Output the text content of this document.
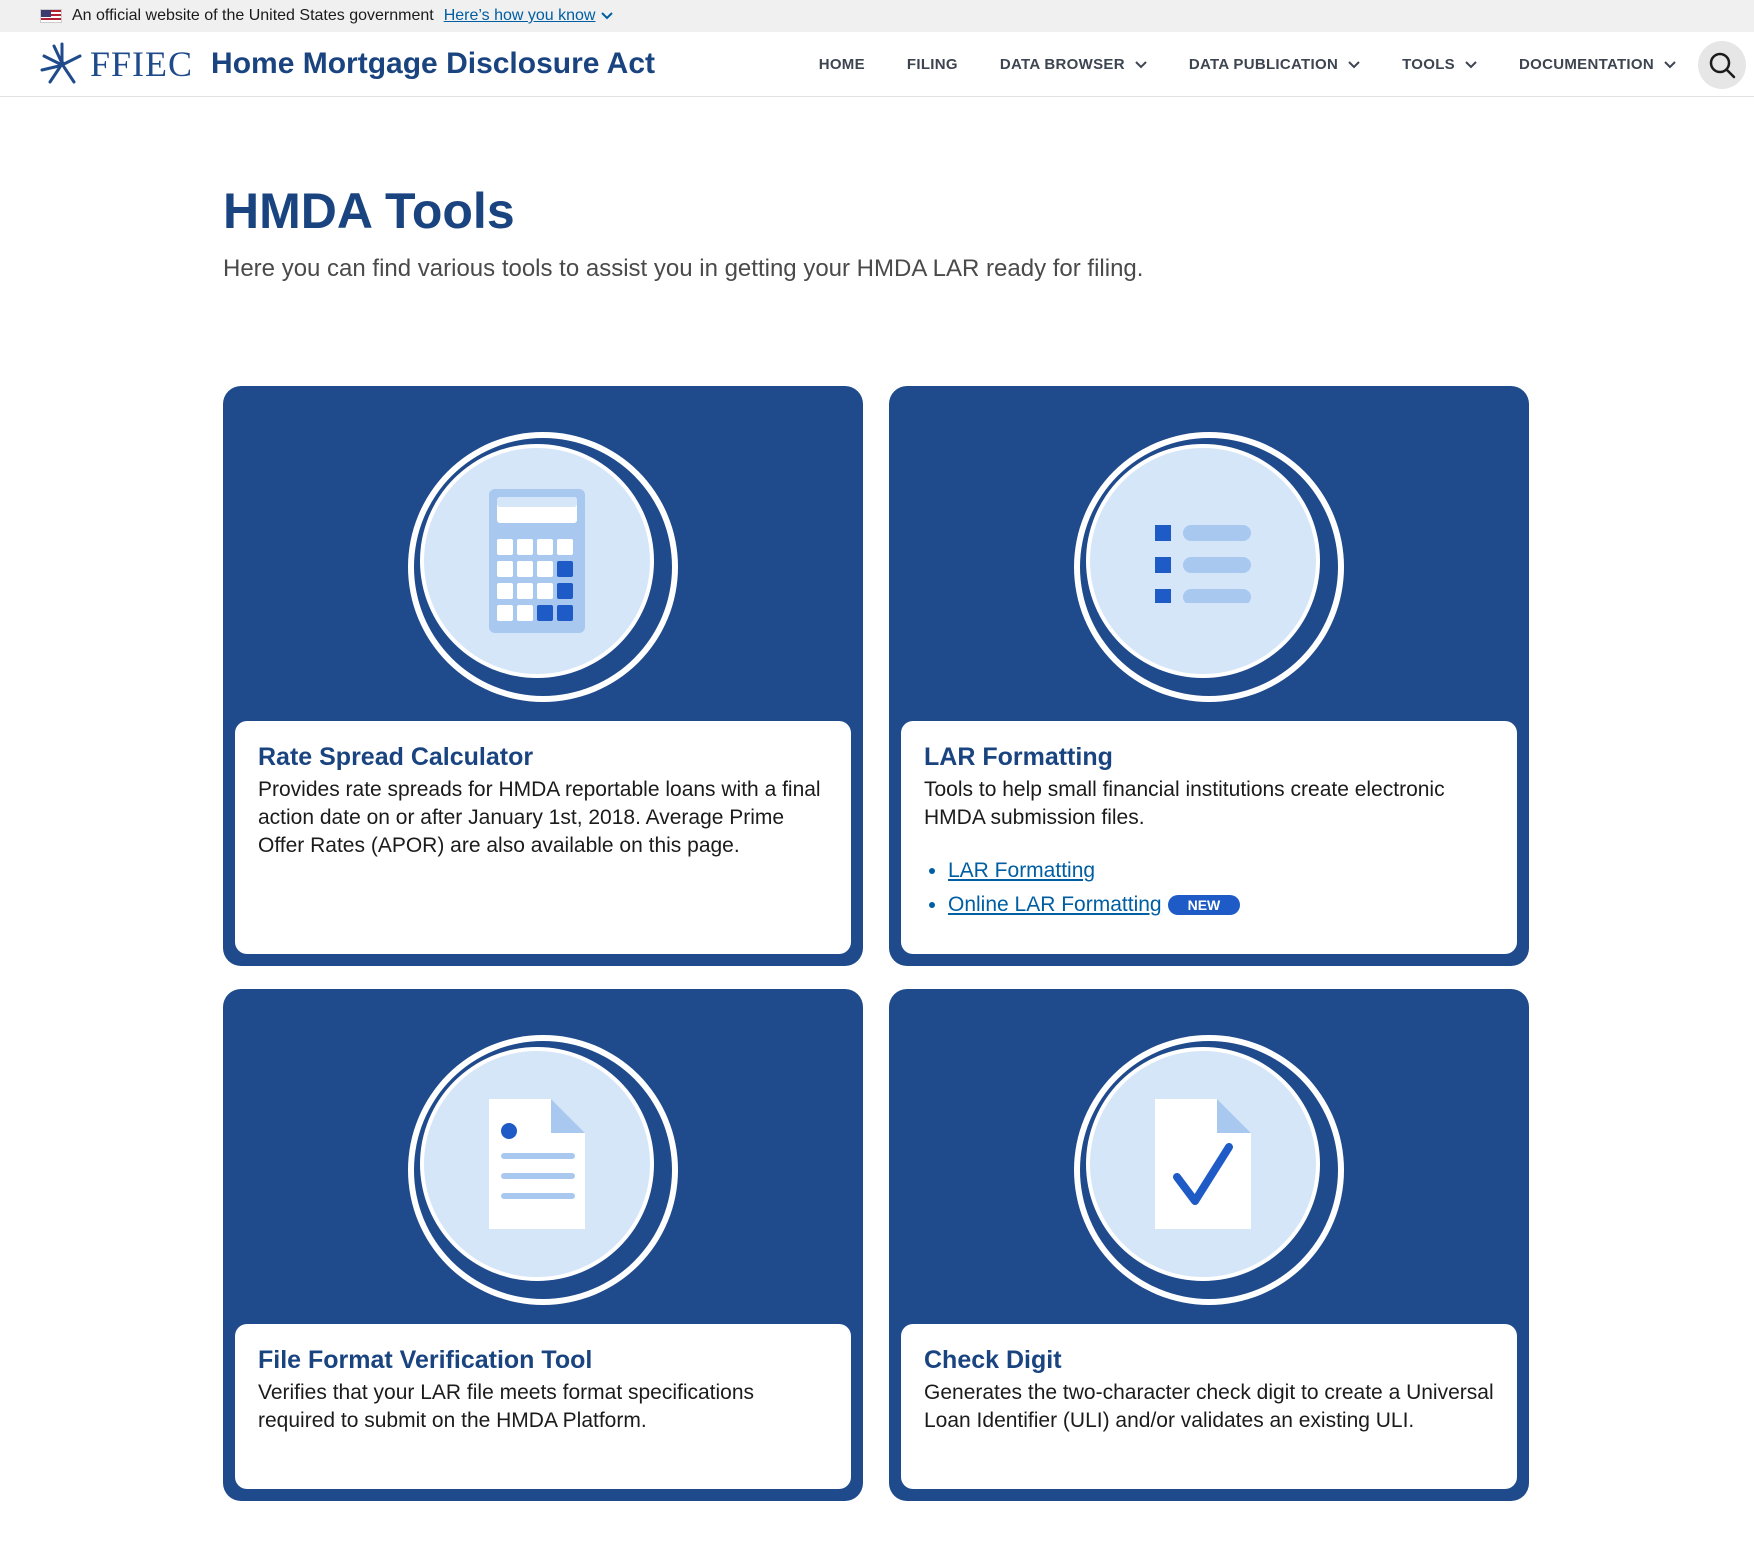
An official website of the United States government Here’s how you know
FFIEC Home Mortgage Disclosure Act	HOME	FILING	DATA BROWSER	DATA PUBLICATION	TOOLS	DOCUMENTATION
HMDA Tools

Here you can find various tools to assist you in getting your HMDA LAR ready for filing.

Rate Spread Calculator

Provides rate spreads for HMDA reportable loans with a final action date on or after January 1st, 2018. Average Prime Offer Rates (APOR) are also available on this page.

LAR Formatting

Tools to help small financial institutions create electronic HMDA submission files.

• LAR Formatting
• Online LAR Formatting NEW
File Format Verification Tool

Verifies that your LAR file meets format specifications required to submit on the HMDA Platform.

Check Digit

Generates the two-character check digit to create a Universal Loan Identifier (ULI) and/or validates an existing ULI.
